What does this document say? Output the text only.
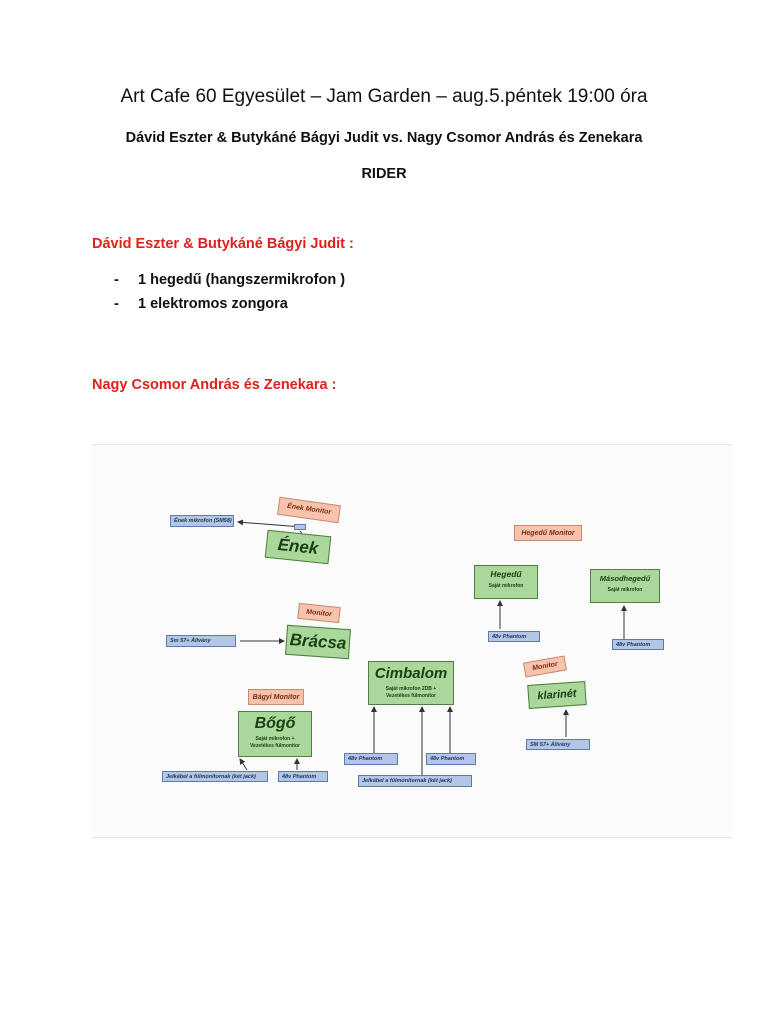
Art Cafe 60 Egyesület – Jam Garden – aug.5.péntek 19:00 óra
Dávid Eszter & Butykáné Bágyi Judit vs. Nagy Csomor András és Zenekara
RIDER
Dávid Eszter & Butykáné Bágyi Judit :
- 1 hegedű (hangszermikrofon )
- 1 elektromos zongora
Nagy Csomor András és Zenekara :
Ének Monitor
Ének mikrofon (SM58)
Ének
Monitor
Sm 57+ Állvány	Brácsa
Bágyi Monitor
Bőgő
Saját mikrofon + Vezetékes fülmonitor
Jelkábel a fülmonitornak (két jack)	48v Phantom
Cimbalom
Saját mikrofon 2DB + Vezetékes fülmonitor
48v Phantom	48v Phantom
Jelkábel a fülmonitornak (két jack)
Hegedű Monitor
Hegedű
Saját mikrofon
48v Phantom
Másodhegedű
Saját mikrofon
48v Phantom
Monitor
klarinét
SM 57+ Állvány
